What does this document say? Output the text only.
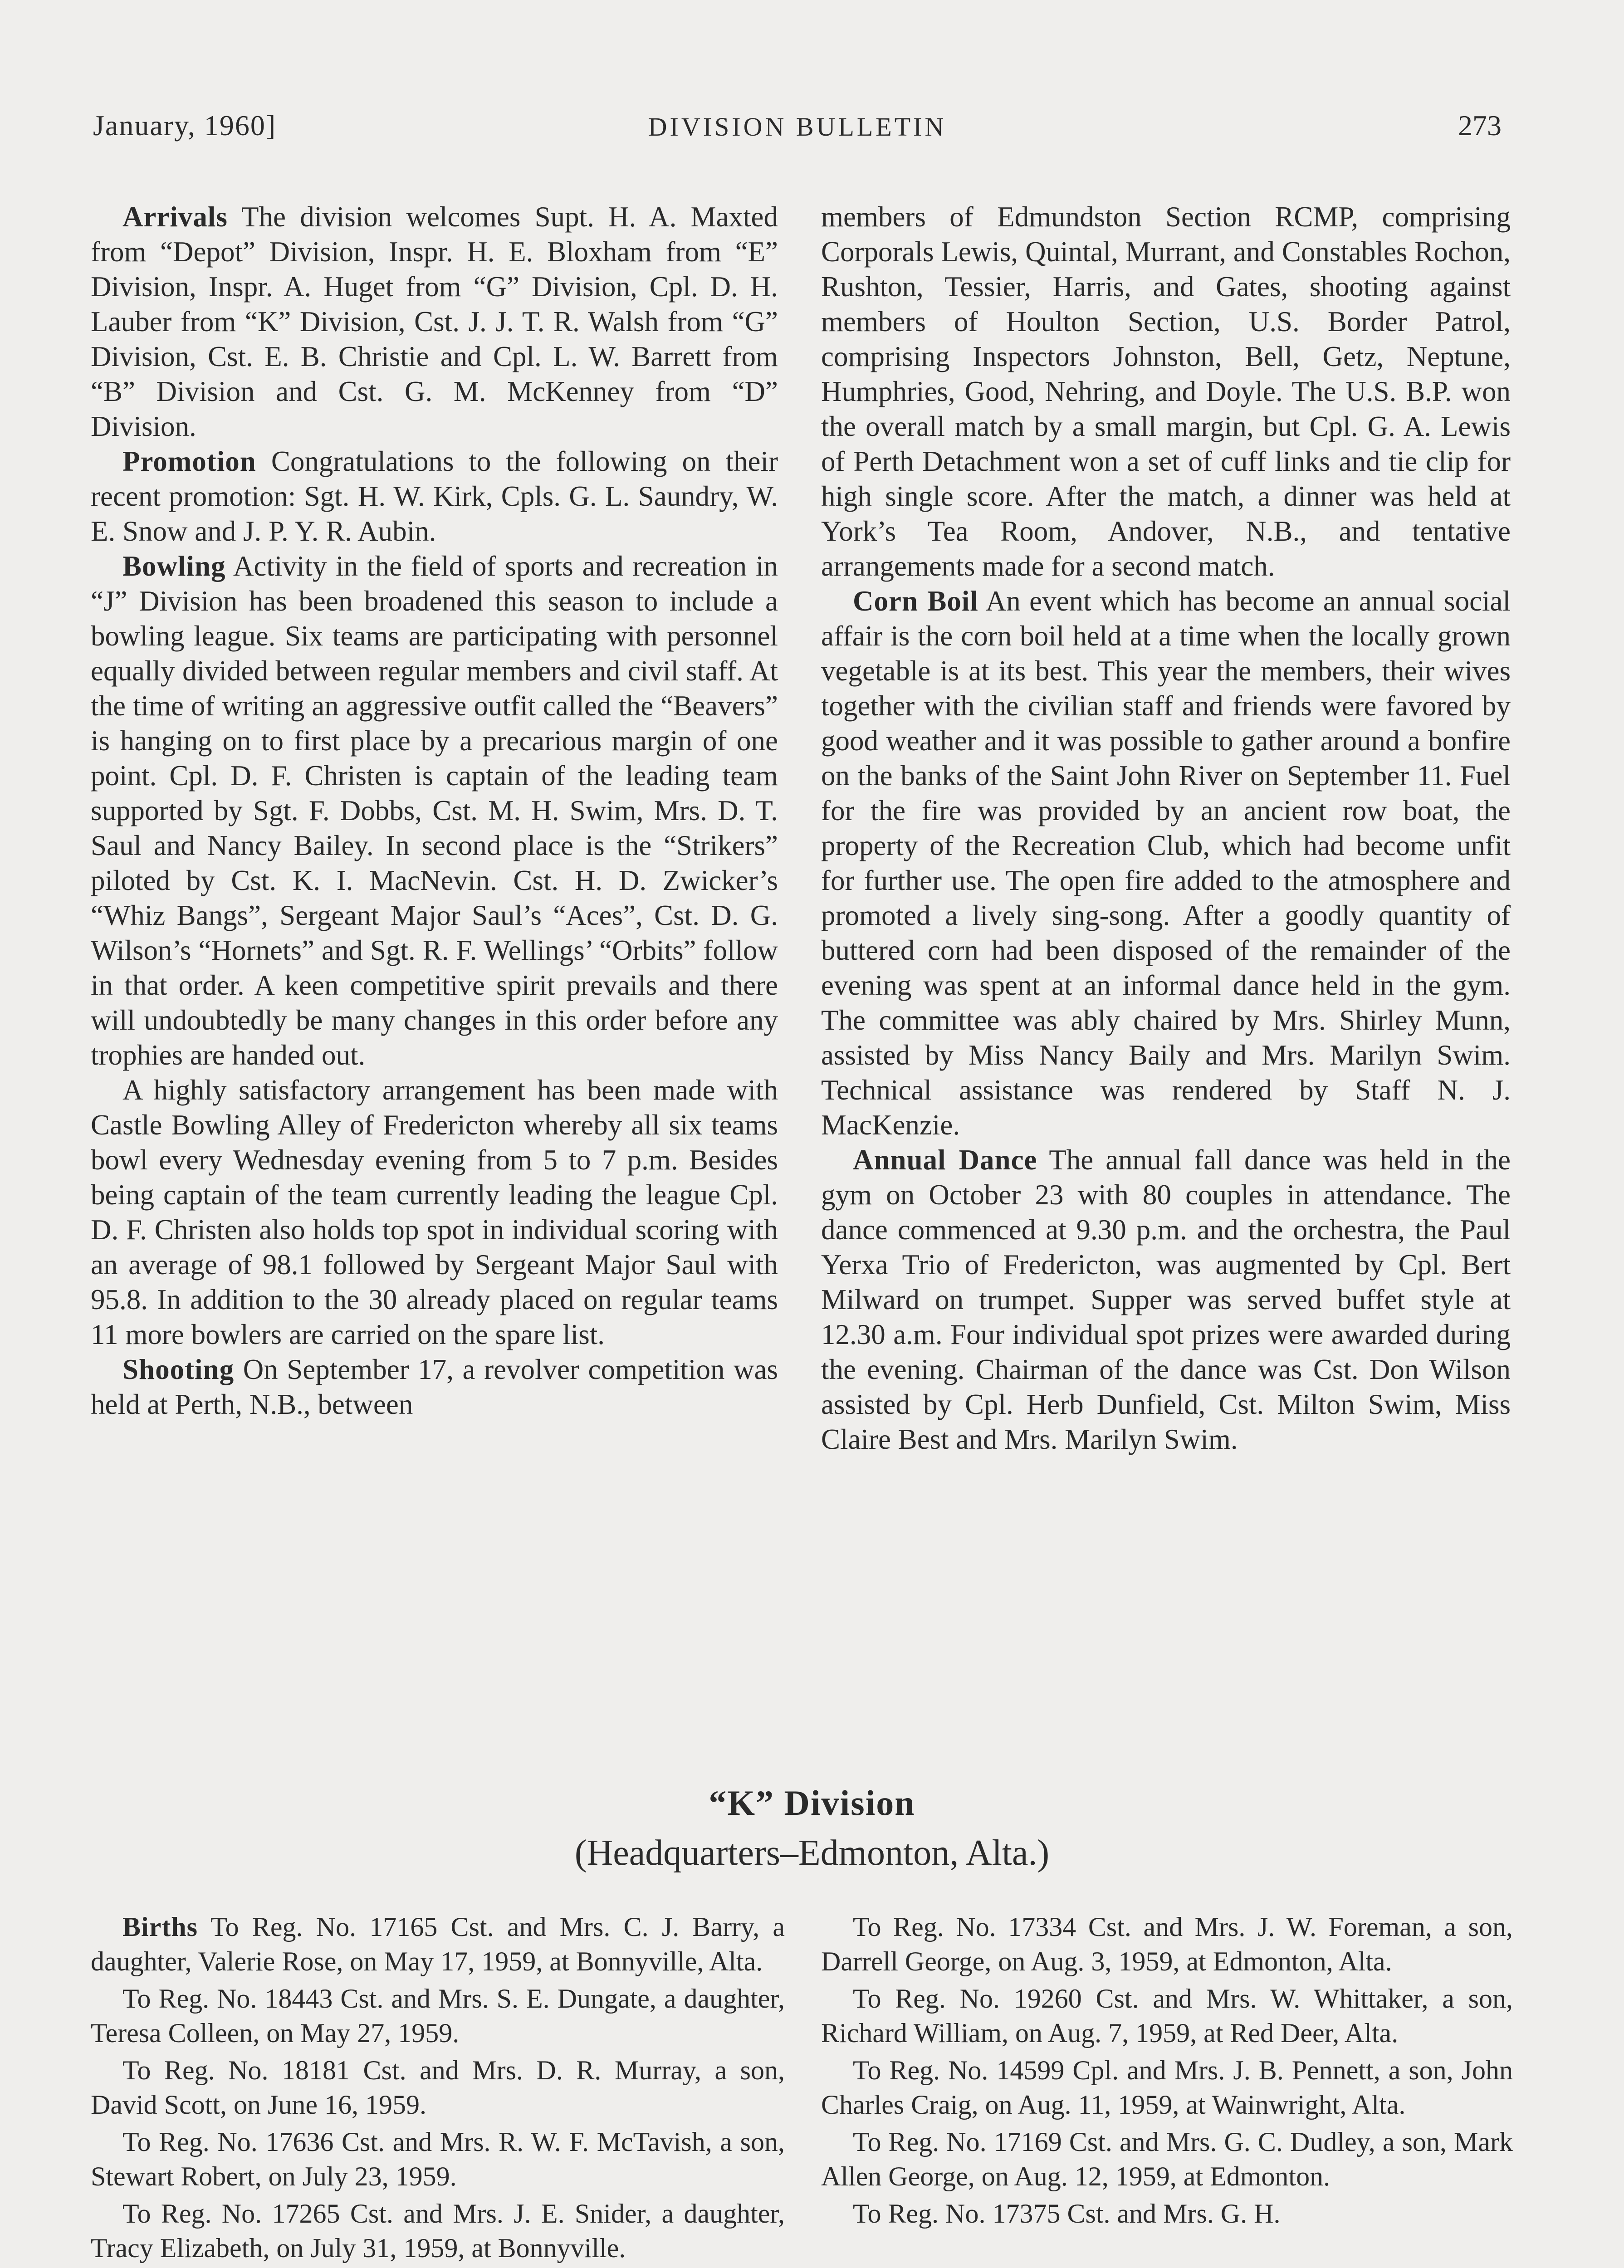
January, 1960]	DIVISION BULLETIN	273

Arrivals The division welcomes Supt. H. A. Maxted from “Depot” Division, Inspr. H. E. Bloxham from “E” Division, Inspr. A. Huget from “G” Division, Cpl. D. H. Lauber from “K” Division, Cst. J. J. T. R. Walsh from “G” Division, Cst. E. B. Christie and Cpl. L. W. Barrett from “B” Division and Cst. G. M. McKenney from “D” Division.

Promotion Congratulations to the following on their recent promotion: Sgt. H. W. Kirk, Cpls. G. L. Saundry, W. E. Snow and J. P. Y. R. Aubin.

Bowling Activity in the field of sports and recreation in “J” Division has been broadened this season to include a bowling league. Six teams are participating with personnel equally divided between regular members and civil staff. At the time of writing an aggressive outfit called the “Beavers” is hanging on to first place by a precarious margin of one point. Cpl. D. F. Christen is captain of the leading team supported by Sgt. F. Dobbs, Cst. M. H. Swim, Mrs. D. T. Saul and Nancy Bailey. In second place is the “Strikers” piloted by Cst. K. I. MacNevin. Cst. H. D. Zwicker’s “Whiz Bangs”, Sergeant Major Saul’s “Aces”, Cst. D. G. Wilson’s “Hornets” and Sgt. R. F. Wellings’ “Orbits” follow in that order. A keen competitive spirit prevails and there will undoubtedly be many changes in this order before any trophies are handed out.

A highly satisfactory arrangement has been made with Castle Bowling Alley of Fredericton whereby all six teams bowl every Wednesday evening from 5 to 7 p.m. Besides being captain of the team currently leading the league Cpl. D. F. Christen also holds top spot in individual scoring with an average of 98.1 followed by Sergeant Major Saul with 95.8. In addition to the 30 already placed on regular teams 11 more bowlers are carried on the spare list.

Shooting On September 17, a revolver competition was held at Perth, N.B., between

members of Edmundston Section RCMP, comprising Corporals Lewis, Quintal, Murrant, and Constables Rochon, Rushton, Tessier, Harris, and Gates, shooting against members of Houlton Section, U.S. Border Patrol, comprising Inspectors Johnston, Bell, Getz, Neptune, Humphries, Good, Nehring, and Doyle. The U.S. B.P. won the overall match by a small margin, but Cpl. G. A. Lewis of Perth Detachment won a set of cuff links and tie clip for high single score. After the match, a dinner was held at York’s Tea Room, Andover, N.B., and tentative arrangements made for a second match.

Corn Boil An event which has become an annual social affair is the corn boil held at a time when the locally grown vegetable is at its best. This year the members, their wives together with the civilian staff and friends were favored by good weather and it was possible to gather around a bonfire on the banks of the Saint John River on September 11. Fuel for the fire was provided by an ancient row boat, the property of the Recreation Club, which had become unfit for further use. The open fire added to the atmosphere and promoted a lively sing-song. After a goodly quantity of buttered corn had been disposed of the remainder of the evening was spent at an informal dance held in the gym. The committee was ably chaired by Mrs. Shirley Munn, assisted by Miss Nancy Baily and Mrs. Marilyn Swim. Technical assistance was rendered by Staff N. J. MacKenzie.

Annual Dance The annual fall dance was held in the gym on October 23 with 80 couples in attendance. The dance commenced at 9.30 p.m. and the orchestra, the Paul Yerxa Trio of Fredericton, was augmented by Cpl. Bert Milward on trumpet. Supper was served buffet style at 12.30 a.m. Four individual spot prizes were awarded during the evening. Chairman of the dance was Cst. Don Wilson assisted by Cpl. Herb Dunfield, Cst. Milton Swim, Miss Claire Best and Mrs. Marilyn Swim.

“K” Division
(Headquarters–Edmonton, Alta.)

Births To Reg. No. 17165 Cst. and Mrs. C. J. Barry, a daughter, Valerie Rose, on May 17, 1959, at Bonnyville, Alta.

To Reg. No. 18443 Cst. and Mrs. S. E. Dungate, a daughter, Teresa Colleen, on May 27, 1959.

To Reg. No. 18181 Cst. and Mrs. D. R. Murray, a son, David Scott, on June 16, 1959.

To Reg. No. 17636 Cst. and Mrs. R. W. F. McTavish, a son, Stewart Robert, on July 23, 1959.

To Reg. No. 17265 Cst. and Mrs. J. E. Snider, a daughter, Tracy Elizabeth, on July 31, 1959, at Bonnyville.

To Reg. No. 17334 Cst. and Mrs. J. W. Foreman, a son, Darrell George, on Aug. 3, 1959, at Edmonton, Alta.

To Reg. No. 19260 Cst. and Mrs. W. Whittaker, a son, Richard William, on Aug. 7, 1959, at Red Deer, Alta.

To Reg. No. 14599 Cpl. and Mrs. J. B. Pennett, a son, John Charles Craig, on Aug. 11, 1959, at Wainwright, Alta.

To Reg. No. 17169 Cst. and Mrs. G. C. Dudley, a son, Mark Allen George, on Aug. 12, 1959, at Edmonton.

To Reg. No. 17375 Cst. and Mrs. G. H.
